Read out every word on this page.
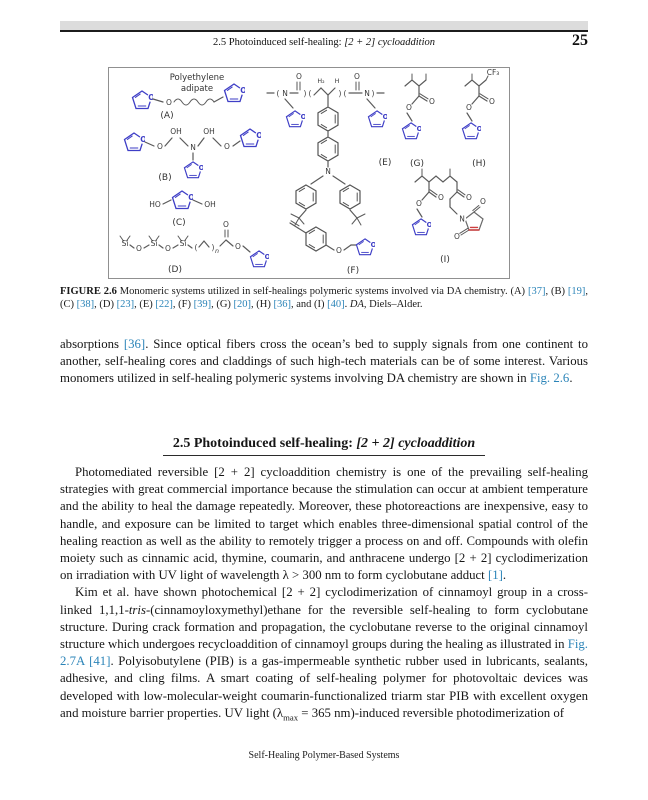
2.5 Photoinduced self-healing: [2 + 2] cycloaddition	25
Polyethylene
adipate
O
(A)
O
OH
N
OH
O
(B)
HO	OH
(C)
Si
O
Si
O
Si ( ) n
O
O
(D)
( N
O
) (
H₂ H
) (
O
N )
N
(E)
O
(F)
O
O
(G)
CF₃
O
O
(H)
O
O
O
N
O
O
(I)
FIGURE 2.6 Monomeric systems utilized in self-healings polymeric systems involved via DA chemistry. (A) [37], (B) [19], (C) [38], (D) [23], (E) [22], (F) [39], (G) [20], (H) [36], and (I) [40]. DA, Diels–Alder.
absorptions [36]. Since optical fibers cross the ocean’s bed to supply signals from one continent to another, self-healing cores and claddings of such high-tech materials can be of some interest. Various monomers utilized in self-healing polymeric systems involving DA chemistry are shown in Fig. 2.6.
2.5 Photoinduced self-healing: [2 + 2] cycloaddition

Photomediated reversible [2 + 2] cycloaddition chemistry is one of the prevailing self-healing strategies with great commercial importance because the stimulation can occur at ambient temperature and the ability to heal the damage repeatedly. Moreover, these photoreactions are inexpensive, easy to handle, and exposure can be limited to target which enables three-dimensional spatial control of the healing reaction as well as the ability to remotely trigger a process on and off. Compounds with olefin moiety such as cinnamic acid, thymine, coumarin, and anthracene undergo [2 + 2] cyclodimerization on irradiation with UV light of wavelength λ > 300 nm to form cyclobutane adduct [1].

Kim et al. have shown photochemical [2 + 2] cyclodimerization of cinnamoyl group in a cross-linked 1,1,1-tris-(cinnamoyloxymethyl)ethane for the reversible self-healing to form cyclobutane structure. During crack formation and propagation, the cyclobutane reverse to the original cinnamoyl structure which undergoes recycloaddition of cinnamoyl groups during the healing as illustrated in Fig. 2.7A [41]. Polyisobutylene (PIB) is a gas-impermeable synthetic rubber used in lubricants, sealants, adhesive, and cling films. A smart coating of self-healing polymer for photovoltaic devices was developed with low-molecular-weight coumarin-functionalized triarm star PIB with excellent oxygen and moisture barrier properties. UV light ($\lambda_{max} = 365$ nm)-induced reversible photodimerization of

Self-Healing Polymer-Based Systems
